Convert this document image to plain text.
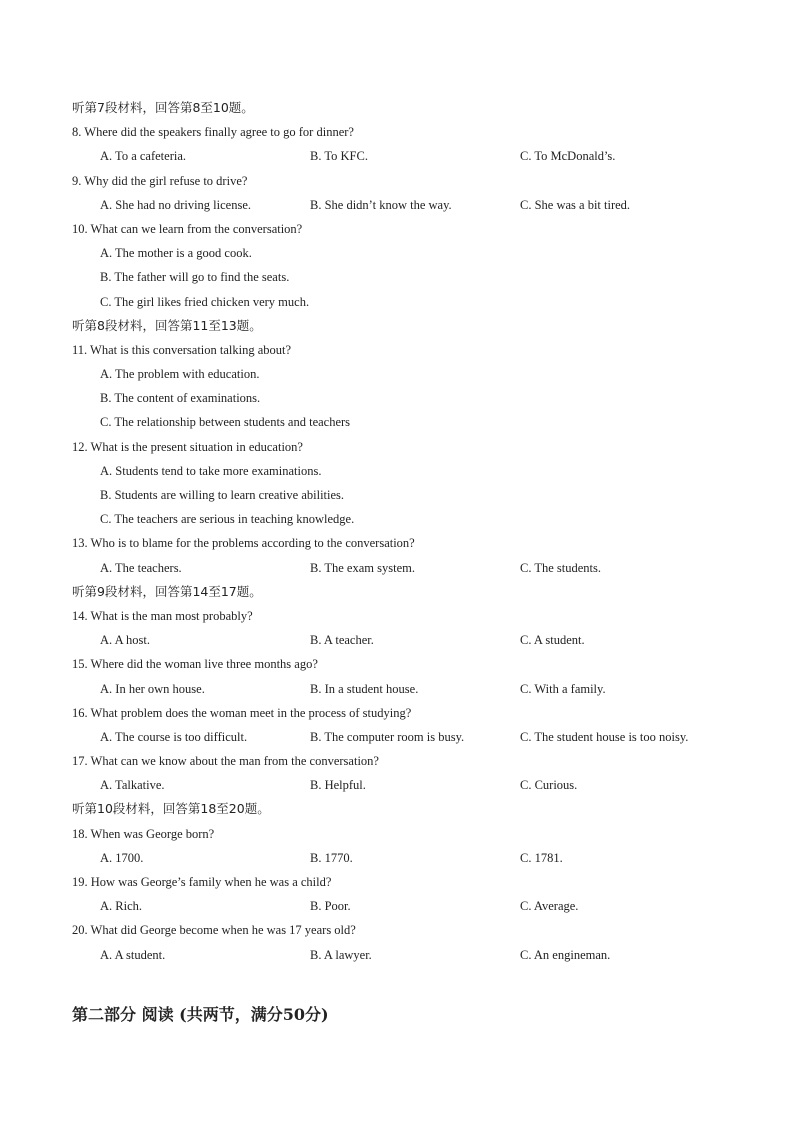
听第7段材料，回答第8至10题。
8. Where did the speakers finally agree to go for dinner?
A. To a cafeteria.	B. To KFC.	C. To McDonald’s.
9. Why did the girl refuse to drive?
A. She had no driving license.	B. She didn’t know the way.	C. She was a bit tired.
10. What can we learn from the conversation?
A. The mother is a good cook.
B. The father will go to find the seats.
C. The girl likes fried chicken very much.
听第8段材料，回答第11至13题。
11. What is this conversation talking about?
A. The problem with education.
B. The content of examinations.
C. The relationship between students and teachers
12. What is the present situation in education?
A. Students tend to take more examinations.
B. Students are willing to learn creative abilities.
C. The teachers are serious in teaching knowledge.
13. Who is to blame for the problems according to the conversation?
A. The teachers.	B. The exam system.	C. The students.
听第9段材料，回答第14至17题。
14. What is the man most probably?
A. A host.	B. A teacher.	C. A student.
15. Where did the woman live three months ago?
A. In her own house.	B. In a student house.	C. With a family.
16. What problem does the woman meet in the process of studying?
A. The course is too difficult.	B. The computer room is busy.	C. The student house is too noisy.
17. What can we know about the man from the conversation?
A. Talkative.	B. Helpful.	C. Curious.
听第10段材料，回答第18至20题。
18. When was George born?
A. 1700.	B. 1770.	C. 1781.
19. How was George’s family when he was a child?
A. Rich.	B. Poor.	C. Average.
20. What did George become when he was 17 years old?
A. A student.	B. A lawyer.	C. An engineman.
第二部分 阅读 (共两节，满分50分)
